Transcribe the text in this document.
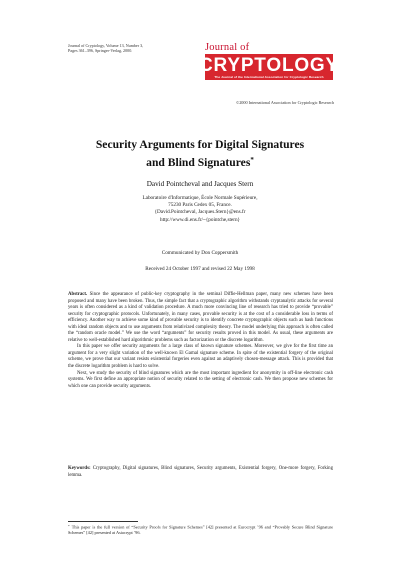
Journal of Cryptology, Volume 13, Number 3,
Pages 361–396, Springer-Verlag, 2000.	Journal of
CRYPTOLOGY
The Journal of the International Association for Cryptologic Research
©2000 International Association for Cryptologic Research
Security Arguments for Digital Signatures
and Blind Signatures*
David Pointcheval and Jacques Stern
Laboratoire d'Informatique, École Normale Supérieure,
75230 Paris Cedex 05, France.
{David.Pointcheval, Jacques.Stern}@ens.fr
http://www.di.ens.fr/~{pointche,stern}
Communicated by Don Coppersmith
Received 24 October 1997 and revised 22 May 1998

Abstract. Since the appearance of public-key cryptography in the seminal Diffie-Hellman paper, many new schemes have been proposed and many have been broken. Thus, the simple fact that a cryptographic algorithm withstands cryptanalytic attacks for several years is often considered as a kind of validation procedure. A much more convincing line of research has tried to provide “provable” security for cryptographic protocols. Unfortunately, in many cases, provable security is at the cost of a considerable loss in terms of efficiency. Another way to achieve some kind of provable security is to identify concrete cryptographic objects such as hash functions with ideal random objects and to use arguments from relativized complexity theory. The model underlying this approach is often called the “random oracle model.” We use the word “arguments” for security results proved in this model. As usual, these arguments are relative to well-established hard algorithmic problems such as factorization or the discrete logarithm.

In this paper we offer security arguments for a large class of known signature schemes. Moreover, we give for the first time an argument for a very slight variation of the well-known El Gamal signature scheme. In spite of the existential forgery of the original scheme, we prove that our variant resists existential forgeries even against an adaptively chosen-message attack. This is provided that the discrete logarithm problem is hard to solve.

Next, we study the security of blind signatures which are the most important ingredient for anonymity in off-line electronic cash systems. We first define an appropriate notion of security related to the setting of electronic cash. We then propose new schemes for which one can provide security arguments.

Keywords: Cryptography, Digital signatures, Blind signatures, Security arguments, Existential forgery, One-more forgery, Forking lemma.
* This paper is the full version of “Security Proofs for Signature Schemes” [42] presented at Eurocrypt ’96 and “Provably Secure Blind Signature Schemes” [42] presented at Asiacrypt ’96.
